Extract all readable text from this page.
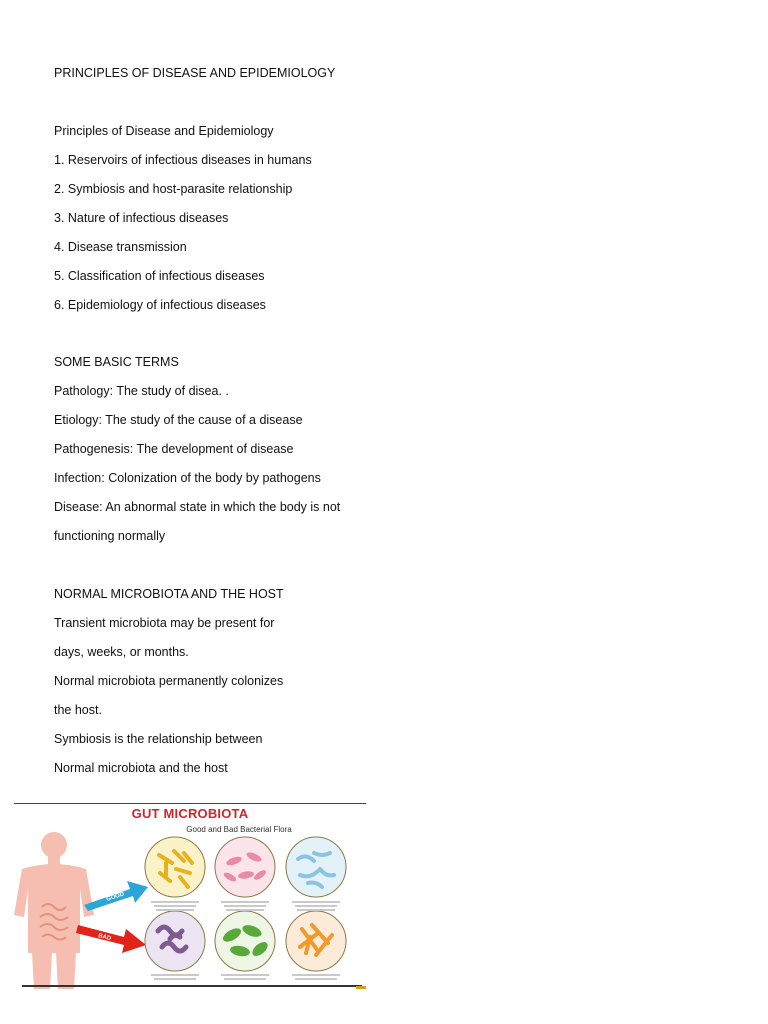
PRINCIPLES OF DISEASE AND EPIDEMIOLOGY
Principles of Disease and Epidemiology
1. Reservoirs of infectious diseases in humans
2. Symbiosis and host-parasite relationship
3. Nature of infectious diseases
4. Disease transmission
5. Classification of infectious diseases
6. Epidemiology of infectious diseases
SOME BASIC TERMS
Pathology: The study of disea. .
Etiology: The study of the cause of a disease
Pathogenesis: The development of disease
Infection: Colonization of the body by pathogens
Disease: An abnormal state in which the body is not
functioning normally
NORMAL MICROBIOTA AND THE HOST
Transient microbiota may be present for
days, weeks, or months.
Normal microbiota permanently colonizes
the host.
Symbiosis is the relationship between
Normal microbiota and the host
GOOD
BAD
GUT MICROBIOTA
Good and Bad Bacterial Flora
